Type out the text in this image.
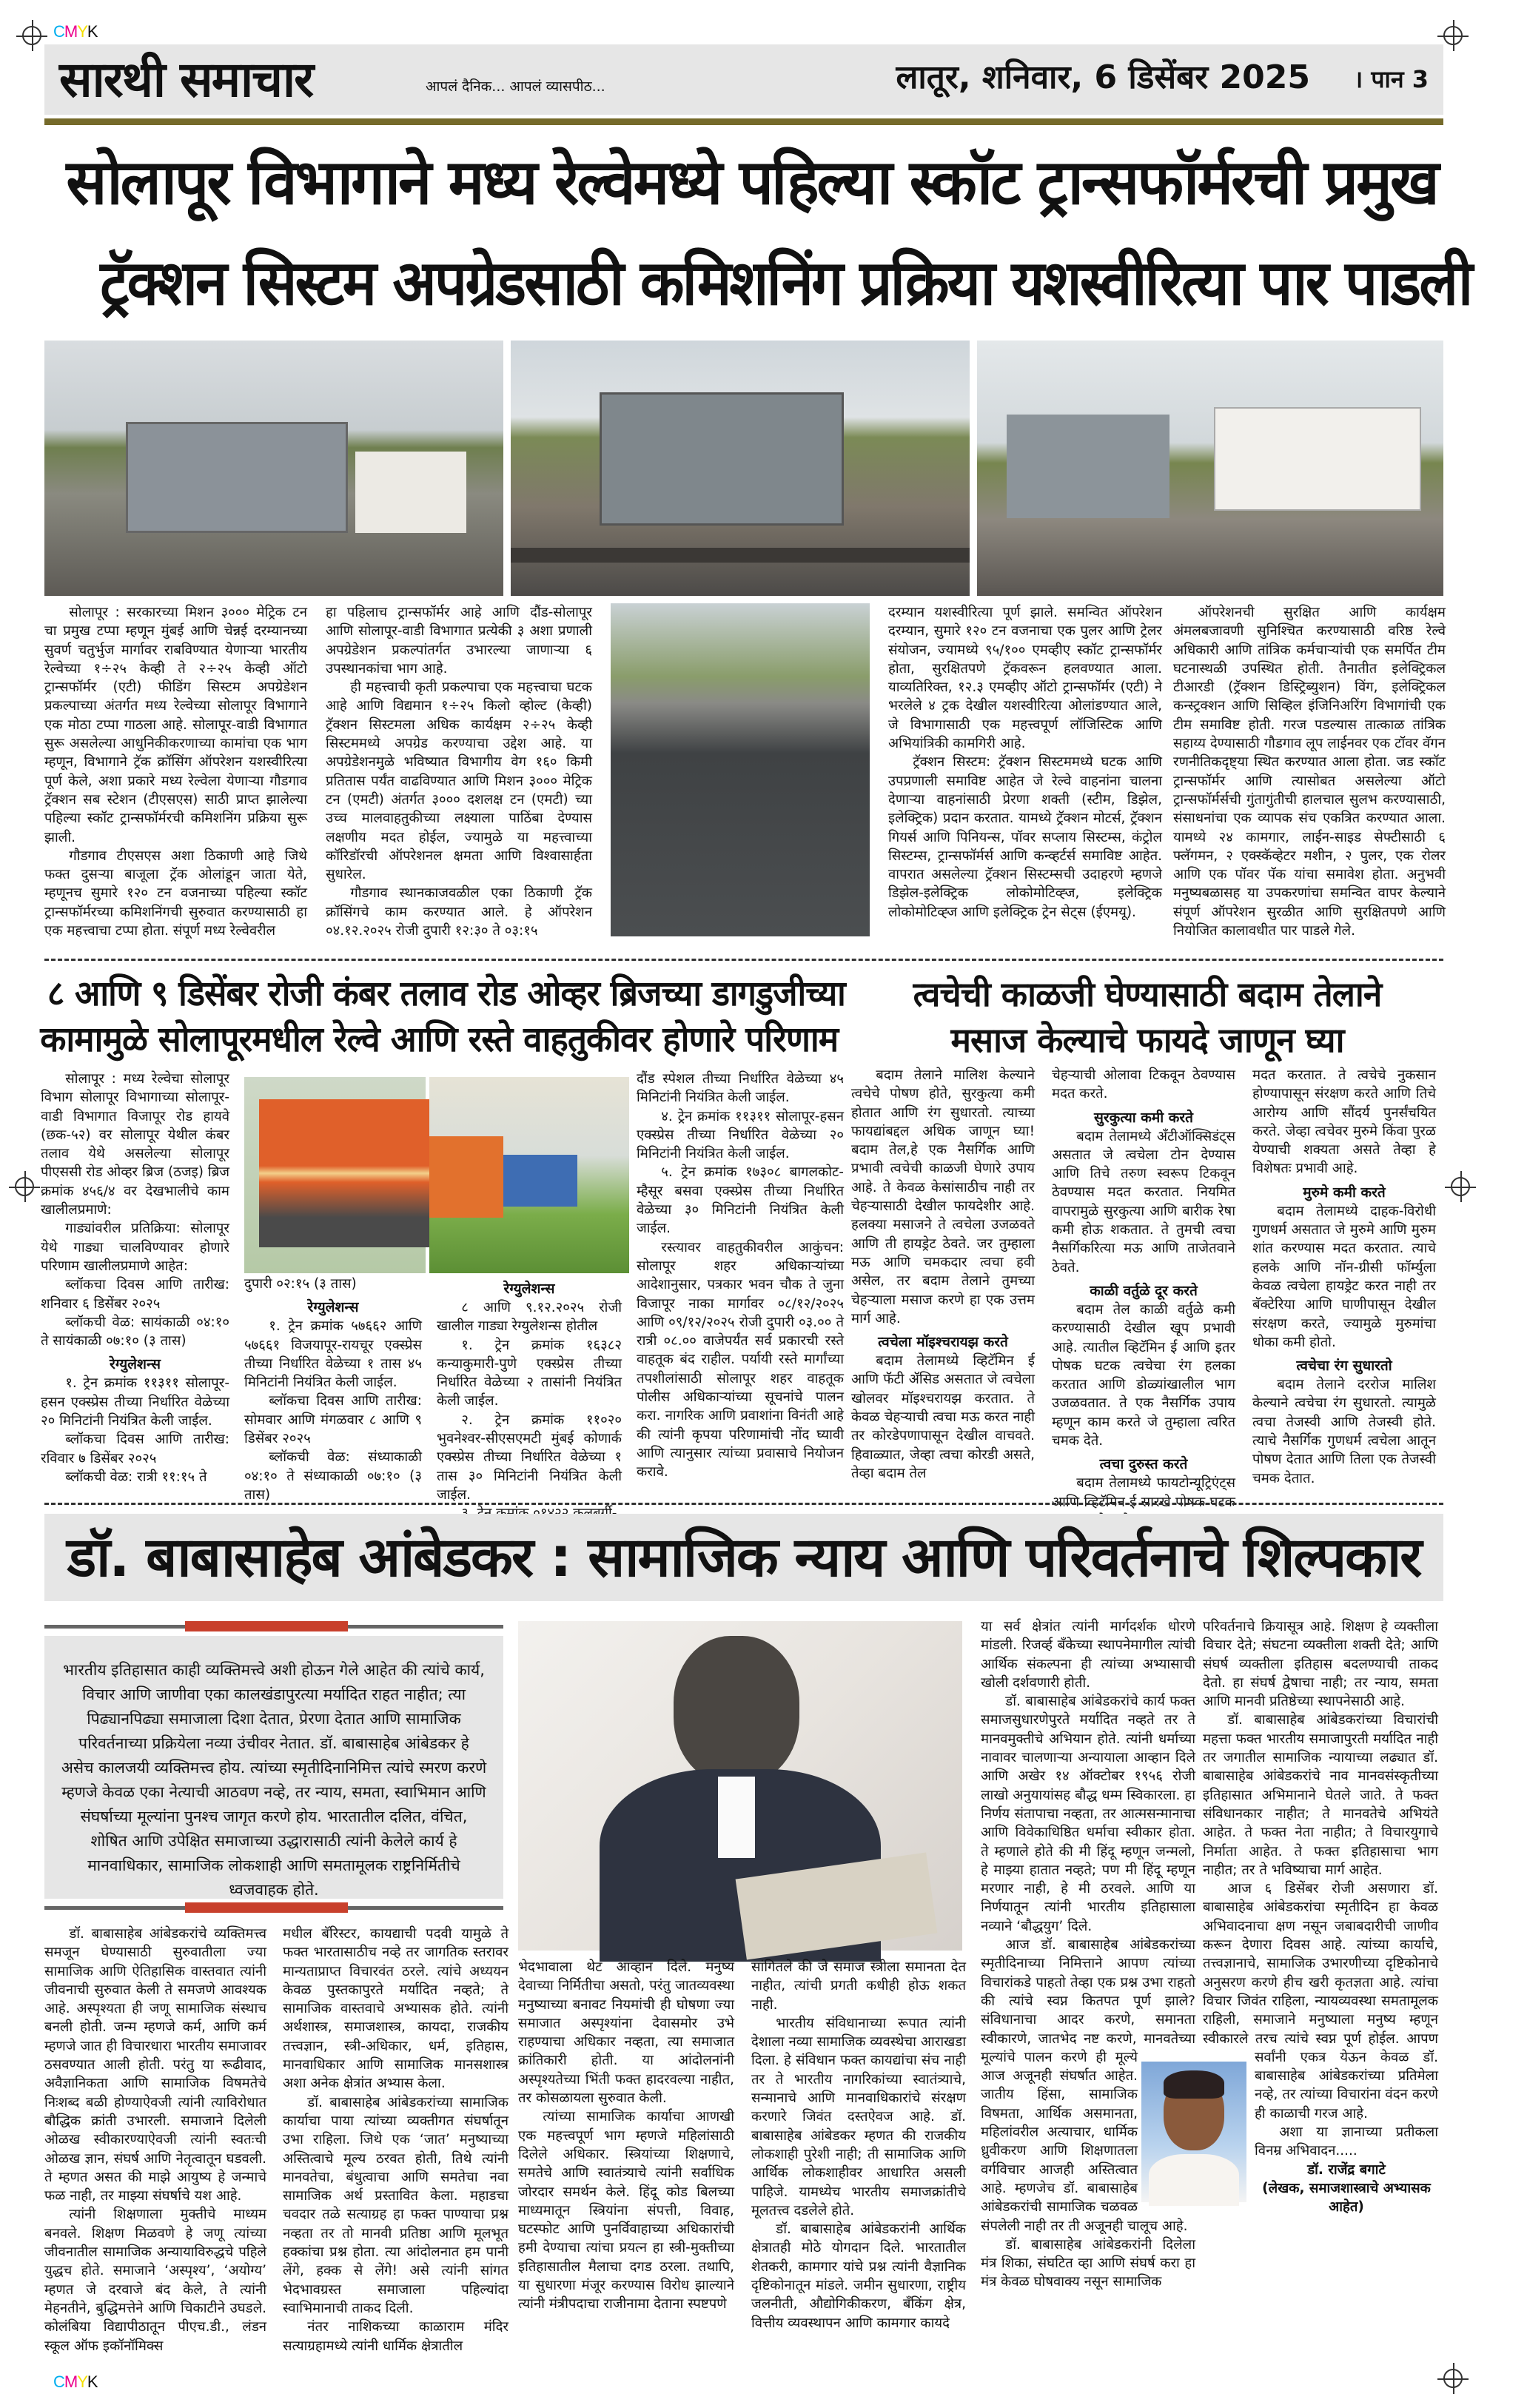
CMYK
CMYK
सारथी समाचार	आपलं दैनिक... आपलं व्यासपीठ...	लातूर, शनिवार, 6 डिसेंबर 2025 । पान 3
सोलापूर विभागाने मध्य रेल्वेमध्ये पहिल्या स्कॉट ट्रान्सफॉर्मरची प्रमुख
ट्रॅक्शन सिस्टम अपग्रेडसाठी कमिशनिंग प्रक्रिया यशस्वीरित्या पार पाडली

सोलापूर : सरकारच्या मिशन ३००० मेट्रिक टन चा प्रमुख टप्पा म्हणून मुंबई आणि चेन्नई दरम्यानच्या सुवर्ण चतुर्भुज मार्गावर राबविण्यात येणाऱ्या भारतीय रेल्वेच्या १÷२५ केव्ही ते २÷२५ केव्ही ऑटो ट्रान्सफॉर्मर (एटी) फीडिंग सिस्टम अपग्रेडेशन प्रकल्पाच्या अंतर्गत मध्य रेल्वेच्या सोलापूर विभागाने एक मोठा टप्पा गाठला आहे. सोलापूर-वाडी विभागात सुरू असलेल्या आधुनिकीकरणाच्या कामांचा एक भाग म्हणून, विभागाने ट्रॅक क्रॉसिंग ऑपरेशन यशस्वीरित्या पूर्ण केले, अशा प्रकारे मध्य रेल्वेला येणाऱ्या गौडगाव ट्रॅक्शन सब स्टेशन (टीएसएस) साठी प्राप्त झालेल्या पहिल्या स्कॉट ट्रान्सफॉर्मरची कमिशनिंग प्रक्रिया सुरू झाली.

गौडगाव टीएसएस अशा ठिकाणी आहे जिथे फक्त दुसऱ्या बाजूला ट्रॅक ओलांडून जाता येते, म्हणूनच सुमारे १२० टन वजनाच्या पहिल्या स्कॉट ट्रान्सफॉर्मरच्या कमिशनिंगची सुरुवात करण्यासाठी हा एक महत्त्वाचा टप्पा होता. संपूर्ण मध्य रेल्वेवरील

हा पहिलाच ट्रान्सफॉर्मर आहे आणि दौंड-सोलापूर आणि सोलापूर-वाडी विभागात प्रत्येकी ३ अशा प्रणाली अपग्रेडेशन प्रकल्पांतर्गत उभारल्या जाणाऱ्या ६ उपस्थानकांचा भाग आहे.

ही महत्त्वाची कृती प्रकल्पाचा एक महत्त्वाचा घटक आहे आणि विद्यमान १÷२५ किलो व्होल्ट (केव्ही) ट्रॅक्शन सिस्टमला अधिक कार्यक्षम २÷२५ केव्ही सिस्टममध्ये अपग्रेड करण्याचा उद्देश आहे. या अपग्रेडेशनमुळे भविष्यात विभागीय वेग १६० किमी प्रतितास पर्यंत वाढविण्यात आणि मिशन ३००० मेट्रिक टन (एमटी) अंतर्गत ३००० दशलक्ष टन (एमटी) च्या उच्च मालवाहतुकीच्या लक्ष्याला पाठिंबा देण्यास लक्षणीय मदत होईल, ज्यामुळे या महत्त्वाच्या कॉरिडॉरची ऑपरेशनल क्षमता आणि विश्वासार्हता सुधारेल.

गौडगाव स्थानकाजवळील एका ठिकाणी ट्रॅक क्रॉसिंगचे काम करण्यात आले. हे ऑपरेशन ०४.१२.२०२५ रोजी दुपारी १२:३० ते ०३:१५

दरम्यान यशस्वीरित्या पूर्ण झाले. समन्वित ऑपरेशन दरम्यान, सुमारे १२० टन वजनाचा एक पुलर आणि ट्रेलर संयोजन, ज्यामध्ये ९५/१०० एमव्हीए स्कॉट ट्रान्सफॉर्मर होता, सुरक्षितपणे ट्रॅकवरून हलवण्यात आला. याव्यतिरिक्त, १२.३ एमव्हीए ऑटो ट्रान्सफॉर्मर (एटी) ने भरलेले ४ ट्रक देखील यशस्वीरित्या ओलांडण्यात आले, जे विभागासाठी एक महत्त्वपूर्ण लॉजिस्टिक आणि अभियांत्रिकी कामगिरी आहे.

ट्रॅक्शन सिस्टम: ट्रॅक्शन सिस्टममध्ये घटक आणि उपप्रणाली समाविष्ट आहेत जे रेल्वे वाहनांना चालना देणाऱ्या वाहनांसाठी प्रेरणा शक्ती (स्टीम, डिझेल, इलेक्ट्रिक) प्रदान करतात. यामध्ये ट्रॅक्शन मोटर्स, ट्रॅक्शन गियर्स आणि पिनियन्स, पॉवर सप्लाय सिस्टम्स, कंट्रोल सिस्टम्स, ट्रान्सफॉर्मर्स आणि कन्व्हर्टर्स समाविष्ट आहेत. वापरात असलेल्या ट्रॅक्शन सिस्टम्सची उदाहरणे म्हणजे डिझेल-इलेक्ट्रिक लोकोमोटिव्ह्ज, इलेक्ट्रिक लोकोमोटिव्ह्ज आणि इलेक्ट्रिक ट्रेन सेट्स (ईएमयू).

ऑपरेशनची सुरक्षित आणि कार्यक्षम अंमलबजावणी सुनिश्चित करण्यासाठी वरिष्ठ रेल्वे अधिकारी आणि तांत्रिक कर्मचाऱ्यांची एक समर्पित टीम घटनास्थळी उपस्थित होती. तैनातीत इलेक्ट्रिकल टीआरडी (ट्रॅक्शन डिस्ट्रिब्युशन) विंग, इलेक्ट्रिकल कन्स्ट्रक्शन आणि सिव्हिल इंजिनिअरिंग विभागांची एक टीम समाविष्ट होती. गरज पडल्यास तात्काळ तांत्रिक सहाय्य देण्यासाठी गौडगाव लूप लाईनवर एक टॉवर वॅगन रणनीतिकदृष्ट्या स्थित करण्यात आला होता. जड स्कॉट ट्रान्सफॉर्मर आणि त्यासोबत असलेल्या ऑटो ट्रान्सफॉर्मर्सची गुंतागुंतीची हालचाल सुलभ करण्यासाठी, संसाधनांचा एक व्यापक संच एकत्रित करण्यात आला. यामध्ये २४ कामगार, लाईन-साइड सेफ्टीसाठी ६ फ्लॅगमन, २ एक्स्कॅव्हेटर मशीन, २ पुलर, एक रोलर आणि एक पॉवर पॅक यांचा समावेश होता. अनुभवी मनुष्यबळासह या उपकरणांचा समन्वित वापर केल्याने संपूर्ण ऑपरेशन सुरळीत आणि सुरक्षितपणे आणि नियोजित कालावधीत पार पाडले गेले.

८ आणि ९ डिसेंबर रोजी कंबर तलाव रोड ओव्हर ब्रिजच्या डागडुजीच्या
कामामुळे सोलापूरमधील रेल्वे आणि रस्ते वाहतुकीवर होणारे परिणाम

सोलापूर : मध्य रेल्वेचा सोलापूर विभाग सोलापूर विभागाच्या सोलापूर-वाडी विभागात विजापूर रोड हायवे (छक-५२) वर सोलापूर येथील कंबर तलाव येथे असलेल्या सोलापूर पीएससी रोड ओव्हर ब्रिज (ठजइ) ब्रिज क्रमांक ४५६/४ वर देखभालीचे काम खालीलप्रमाणे:

गाड्यांवरील प्रतिक्रिया: सोलापूर येथे गाड्या चालविण्यावर होणारे परिणाम खालीलप्रमाणे आहेत:

ब्लॉकचा दिवस आणि तारीख: शनिवार ६ डिसेंबर २०२५

ब्लॉकची वेळ: सायंकाळी ०४:१० ते सायंकाळी ०७:१० (३ तास)

रेग्युलेशन्स

१. ट्रेन क्रमांक ११३११ सोलापूर-हसन एक्स्प्रेस तीच्या निर्धारित वेळेच्या २० मिनिटांनी नियंत्रित केली जाईल.

ब्लॉकचा दिवस आणि तारीख: रविवार ७ डिसेंबर २०२५

ब्लॉकची वेळ: रात्री ११:१५ ते

दुपारी ०२:१५ (३ तास)

रेग्युलेशन्स

१. ट्रेन क्रमांक ५७६६२ आणि ५७६६१ विजयापूर-रायचूर एक्स्प्रेस तीच्या निर्धारित वेळेच्या १ तास ४५ मिनिटांनी नियंत्रित केली जाईल.

ब्लॉकचा दिवस आणि तारीख: सोमवार आणि मंगळवार ८ आणि ९ डिसेंबर २०२५

ब्लॉकची वेळ: संध्याकाळी ०४:१० ते संध्याकाळी ०७:१० (३ तास)

रेग्युलेशन्स

८ आणि ९.१२.२०२५ रोजी खालील गाड्या रेग्युलेशन्स होतील

१. ट्रेन क्रमांक १६३८२ कन्याकुमारी-पुणे एक्स्प्रेस तीच्या निर्धारित वेळेच्या २ तासांनी नियंत्रित केली जाईल.

२. ट्रेन क्रमांक ११०२० भुवनेश्वर-सीएसएमटी मुंबई कोणार्क एक्स्प्रेस तीच्या निर्धारित वेळेच्या १ तास ३० मिनिटांनी नियंत्रित केली जाईल.

दौंड स्पेशल तीच्या निर्धारित वेळेच्या ४५ मिनिटांनी नियंत्रित केली जाईल.

४. ट्रेन क्रमांक ११३११ सोलापूर-हसन एक्स्प्रेस तीच्या निर्धारित वेळेच्या २० मिनिटांनी नियंत्रित केली जाईल.

५. ट्रेन क्रमांक १७३०८ बागलकोट-म्हैसूर बसवा एक्स्प्रेस तीच्या निर्धारित वेळेच्या ३० मिनिटांनी नियंत्रित केली जाईल.

रस्त्यावर वाहतुकीवरील आकुंचन: सोलापूर शहर अधिकाऱ्यांच्या आदेशानुसार, पत्रकार भवन चौक ते जुना विजापूर नाका मार्गावर ०८/१२/२०२५ आणि ०९/१२/२०२५ रोजी दुपारी ०३.०० ते रात्री ०८.०० वाजेपर्यंत सर्व प्रकारची रस्ते वाहतूक बंद राहील. पर्यायी रस्ते मार्गांच्या तपशीलांसाठी सोलापूर शहर वाहतूक पोलीस अधिकाऱ्यांच्या सूचनांचे पालन करा. नागरिक आणि प्रवाशांना विनंती आहे की त्यांनी कृपया परिणामांची नोंद घ्यावी आणि त्यानुसार त्यांच्या प्रवासाचे नियोजन करावे.

त्वचेची काळजी घेण्यासाठी बदाम तेलाने
मसाज केल्याचे फायदे जाणून घ्या

बदाम तेलाने मालिश केल्याने त्वचेचे पोषण होते, सुरकुत्या कमी होतात आणि रंग सुधारतो. त्याच्या फायद्यांबद्दल अधिक जाणून घ्या! बदाम तेल,हे एक नैसर्गिक आणि प्रभावी त्वचेची काळजी घेणारे उपाय आहे. ते केवळ केसांसाठीच नाही तर चेहऱ्यासाठी देखील फायदेशीर आहे. हलक्या मसाजने ते त्वचेला उजळवते आणि ती हायड्रेट ठेवते. जर तुम्हाला मऊ आणि चमकदार त्वचा हवी असेल, तर बदाम तेलाने तुमच्या चेहऱ्याला मसाज करणे हा एक उत्तम मार्ग आहे.

त्वचेला मॉइश्चरायझ करते

बदाम तेलामध्ये व्हिटॅमिन ई आणि फॅटी ॲसिड असतात जे त्वचेला खोलवर मॉइश्चरायझ करतात. ते केवळ चेहऱ्याची त्वचा मऊ करत नाही तर कोरडेपणापासून देखील वाचवते. हिवाळ्यात, जेव्हा त्वचा कोरडी असते, तेव्हा बदाम तेल

चेहऱ्याची ओलावा टिकवून ठेवण्यास मदत करते.

सुरकुत्या कमी करते

बदाम तेलामध्ये अँटीऑक्सिडंट्स असतात जे त्वचेला टोन देण्यास आणि तिचे तरुण स्वरूप टिकवून ठेवण्यास मदत करतात. नियमित वापरामुळे सुरकुत्या आणि बारीक रेषा कमी होऊ शकतात. ते तुमची त्वचा नैसर्गिकरित्या मऊ आणि ताजेतवाने ठेवते.

काळी वर्तुळे दूर करते

बदाम तेल काळी वर्तुळे कमी करण्यासाठी देखील खूप प्रभावी आहे. त्यातील व्हिटॅमिन ई आणि इतर पोषक घटक त्वचेचा रंग हलका करतात आणि डोळ्यांखालील भाग उजळवतात. ते एक नैसर्गिक उपाय म्हणून काम करते जे तुम्हाला त्वरित चमक देते.

त्वचा दुरुस्त करते

बदाम तेलामध्ये फायटोन्यूट्रिएंट्स आणि व्हिटॅमिन ई सारखे पोषक घटक

मदत करतात. ते त्वचेचे नुकसान होण्यापासून संरक्षण करते आणि तिचे आरोग्य आणि सौंदर्य पुनर्संचयित करते. जेव्हा त्वचेवर मुरुमे किंवा पुरळ येण्याची शक्यता असते तेव्हा हे विशेषतः प्रभावी आहे.

मुरुमे कमी करते

बदाम तेलामध्ये दाहक-विरोधी गुणधर्म असतात जे मुरुमे आणि मुरुम शांत करण्यास मदत करतात. त्याचे हलके आणि नॉन-ग्रीसी फॉर्म्युला केवळ त्वचेला हायड्रेट करत नाही तर बॅक्टेरिया आणि घाणीपासून देखील संरक्षण करते, ज्यामुळे मुरुमांचा धोका कमी होतो.

त्वचेचा रंग सुधारतो

बदाम तेलाने दररोज मालिश केल्याने त्वचेचा रंग सुधारतो. त्यामुळे त्वचा तेजस्वी आणि तेजस्वी होते. त्याचे नैसर्गिक गुणधर्म त्वचेला आतून पोषण देतात आणि तिला एक तेजस्वी चमक देतात.

डॉ. बाबासाहेब आंबेडकर : सामाजिक न्याय आणि परिवर्तनाचे शिल्पकार
भारतीय इतिहासात काही व्यक्तिमत्त्वे अशी होऊन गेले आहेत की त्यांचे कार्य, विचार आणि जाणीवा एका कालखंडापुरत्या मर्यादित राहत नाहीत; त्या पिढ्यानपिढ्या समाजाला दिशा देतात, प्रेरणा देतात आणि सामाजिक परिवर्तनाच्या प्रक्रियेला नव्या उंचीवर नेतात. डॉ. बाबासाहेब आंबेडकर हे असेच कालजयी व्यक्तिमत्त्व होय. त्यांच्या स्मृतीदिनानिमित्त त्यांचे स्मरण करणे म्हणजे केवळ एका नेत्याची आठवण नव्हे, तर न्याय, समता, स्वाभिमान आणि संघर्षाच्या मूल्यांना पुनश्च जागृत करणे होय. भारतातील दलित, वंचित, शोषित आणि उपेक्षित समाजाच्या उद्धारासाठी त्यांनी केलेले कार्य हे मानवाधिकार, सामाजिक लोकशाही आणि समतामूलक राष्ट्रनिर्मितीचे ध्वजवाहक होते.

डॉ. बाबासाहेब आंबेडकरांचे व्यक्तिमत्त्व समजून घेण्यासाठी सुरुवातीला ज्या सामाजिक आणि ऐतिहासिक वास्तवात त्यांनी जीवनाची सुरुवात केली ते समजणे आवश्यक आहे. अस्पृश्यता ही जणू सामाजिक संस्थाच बनली होती. जन्म म्हणजे कर्म, आणि कर्म म्हणजे जात ही विचारधारा भारतीय समाजावर ठसवण्यात आली होती. परंतु या रूढीवाद, अवैज्ञानिकता आणि सामाजिक विषमतेचे निःशब्द बळी होण्याऐवजी त्यांनी त्याविरोधात बौद्धिक क्रांती उभारली. समाजाने दिलेली ओळख स्वीकारण्याऐवजी त्यांनी स्वतःची ओळख ज्ञान, संघर्ष आणि नेतृत्वातून घडवली. ते म्हणत असत की माझे आयुष्य हे जन्माचे फळ नाही, तर माझ्या संघर्षाचे यश आहे.

त्यांनी शिक्षणाला मुक्तीचे माध्यम बनवले. शिक्षण मिळवणे हे जणू त्यांच्या जीवनातील सामाजिक अन्यायाविरुद्धचे पहिले युद्धच होते. समाजाने ‘अस्पृश्य’, ‘अयोग्य’ म्हणत जे दरवाजे बंद केले, ते त्यांनी मेहनतीने, बुद्धिमत्तेने आणि चिकाटीने उघडले. कोलंबिया विद्यापीठातून पीएच.डी., लंडन स्कूल ऑफ इकॉनॉमिक्स

मधील बॅरिस्टर, कायद्याची पदवी यामुळे ते फक्त भारतासाठीच नव्हे तर जागतिक स्तरावर मान्यताप्राप्त विचारवंत ठरले. त्यांचे अध्ययन केवळ पुस्तकापुरते मर्यादित नव्हते; ते सामाजिक वास्तवाचे अभ्यासक होते. त्यांनी अर्थशास्त्र, समाजशास्त्र, कायदा, राजकीय तत्त्वज्ञान, स्त्री-अधिकार, धर्म, इतिहास, मानवाधिकार आणि सामाजिक मानसशास्त्र अशा अनेक क्षेत्रांत अभ्यास केला.

डॉ. बाबासाहेब आंबेडकरांच्या सामाजिक कार्याचा पाया त्यांच्या व्यक्तीगत संघर्षातून उभा राहिला. जिथे एक ‘जात’ मनुष्याच्या अस्तित्वाचे मूल्य ठरवत होती, तिथे त्यांनी मानवतेचा, बंधुत्वाचा आणि समतेचा नवा सामाजिक अर्थ प्रस्तावित केला. महाडचा चवदार तळे सत्याग्रह हा फक्त पाण्याचा प्रश्न नव्हता तर तो मानवी प्रतिष्ठा आणि मूलभूत हक्कांचा प्रश्न होता. त्या आंदोलनात हम पानी लेंगे, हक्क से लेंगे! असे त्यांनी सांगत भेदभावग्रस्त समाजाला पहिल्यांदा स्वाभिमानाची ताकद दिली.

नंतर नाशिकच्या काळाराम मंदिर सत्याग्रहामध्ये त्यांनी धार्मिक क्षेत्रातील

भेदभावाला थेट आव्हान दिले. मनुष्य देवाच्या निर्मितीचा असतो, परंतु जातव्यवस्था मनुष्याच्या बनावट नियमांची ही घोषणा ज्या समाजात अस्पृश्यांना देवासमोर उभे राहण्याचा अधिकार नव्हता, त्या समाजात क्रांतिकारी होती. या आंदोलनांनी अस्पृश्यतेच्या भिंती फक्त हादरवल्या नाहीत, तर कोसळायला सुरुवात केली.

त्यांच्या सामाजिक कार्याचा आणखी एक महत्त्वपूर्ण भाग म्हणजे महिलांसाठी दिलेले अधिकार. स्त्रियांच्या शिक्षणाचे, समतेचे आणि स्वातंत्र्याचे त्यांनी सर्वाधिक जोरदार समर्थन केले. हिंदू कोड बिलच्या माध्यमातून स्त्रियांना संपत्ती, विवाह, घटस्फोट आणि पुनर्विवाहाच्या अधिकारांची हमी देण्याचा त्यांचा प्रयत्न हा स्त्री-मुक्तीच्या इतिहासातील मैलाचा दगड ठरला. तथापि, या सुधारणा मंजूर करण्यास विरोध झाल्याने त्यांनी मंत्रीपदाचा राजीनामा देताना स्पष्टपणे

सांगितले की जे समाज स्त्रीला समानता देत नाहीत, त्यांची प्रगती कधीही होऊ शकत नाही.

भारतीय संविधानाच्या रूपात त्यांनी देशाला नव्या सामाजिक व्यवस्थेचा आराखडा दिला. हे संविधान फक्त कायद्यांचा संच नाही तर ते भारतीय नागरिकांच्या स्वातंत्र्याचे, सन्मानाचे आणि मानवाधिकारांचे संरक्षण करणारे जिवंत दस्तऐवज आहे. डॉ. बाबासाहेब आंबेडकर म्हणत की राजकीय लोकशाही पुरेशी नाही; ती सामाजिक आणि आर्थिक लोकशाहीवर आधारित असली पाहिजे. यामध्येच भारतीय समाजक्रांतीचे मूलतत्त्व दडलेले होते.

डॉ. बाबासाहेब आंबेडकरांनी आर्थिक क्षेत्रातही मोठे योगदान दिले. भारतातील शेतकरी, कामगार यांचे प्रश्न त्यांनी वैज्ञानिक दृष्टिकोनातून मांडले. जमीन सुधारणा, राष्ट्रीय जलनीती, औद्योगिकीकरण, बँकिंग क्षेत्र, वित्तीय व्यवस्थापन आणि कामगार कायदे

या सर्व क्षेत्रांत त्यांनी मार्गदर्शक धोरणे मांडली. रिजर्व्ह बँकेच्या स्थापनेमागील त्यांची आर्थिक संकल्पना ही त्यांच्या अभ्यासाची खोली दर्शवणारी होती.

डॉ. बाबासाहेब आंबेडकरांचे कार्य फक्त समाजसुधारणेपुरते मर्यादित नव्हते तर ते मानवमुक्तीचे अभियान होते. त्यांनी धर्माच्या नावावर चालणाऱ्या अन्यायाला आव्हान दिले आणि अखेर १४ ऑक्टोबर १९५६ रोजी लाखो अनुयायांसह बौद्ध धम्म स्विकारला. हा निर्णय संतापाचा नव्हता, तर आत्मसन्मानाचा आणि विवेकाधिष्ठित धर्माचा स्वीकार होता. ते म्हणाले होते की मी हिंदू म्हणून जन्मलो, हे माझ्या हातात नव्हते; पण मी हिंदू म्हणून मरणार नाही, हे मी ठरवले. आणि या निर्णयातून त्यांनी भारतीय इतिहासाला नव्याने ‘बौद्धयुग’ दिले.

आज डॉ. बाबासाहेब आंबेडकरांच्या स्मृतीदिनाच्या निमित्ताने आपण त्यांच्या विचारांकडे पाहतो तेव्हा एक प्रश्न उभा राहतो की त्यांचे स्वप्न कितपत पूर्ण झाले? संविधानाचा आदर करणे, समानता स्वीकारणे, जातभेद नष्ट करणे, मानवतेच्या मूल्यांचे पालन करणे ही मूल्ये आज अजूनही संघर्षात आहेत. जातीय हिंसा, सामाजिक विषमता, आर्थिक असमानता, महिलांवरील अत्याचार, धार्मिक ध्रुवीकरण आणि शिक्षणातला वर्गविचार आजही अस्तित्वात आहे. म्हणजेच डॉ. बाबासाहेब आंबेडकरांची सामाजिक चळवळ संपलेली नाही तर ती अजूनही चालूच आहे.

डॉ. बाबासाहेब आंबेडकरांनी दिलेला मंत्र शिका, संघटित व्हा आणि संघर्ष करा हा मंत्र केवळ घोषवाक्य नसून सामाजिक

परिवर्तनाचे क्रियासूत्र आहे. शिक्षण हे व्यक्तीला विचार देते; संघटना व्यक्तीला शक्ती देते; आणि संघर्ष व्यक्तीला इतिहास बदलण्याची ताकद देतो. हा संघर्ष द्वेषाचा नाही; तर न्याय, समता आणि मानवी प्रतिष्ठेच्या स्थापनेसाठी आहे.

डॉ. बाबासाहेब आंबेडकरांच्या विचारांची महत्ता फक्त भारतीय समाजापुरती मर्यादित नाही तर जगातील सामाजिक न्यायाच्या लढ्यात डॉ. बाबासाहेब आंबेडकरांचे नाव मानवसंस्कृतीच्या इतिहासात अभिमानाने घेतले जाते. ते फक्त संविधानकार नाहीत; ते मानवतेचे अभियंते आहेत. ते फक्त नेता नाहीत; ते विचारयुगाचे निर्माता आहेत. ते फक्त इतिहासाचा भाग नाहीत; तर ते भविष्याचा मार्ग आहेत.

आज ६ डिसेंबर रोजी असणारा डॉ. बाबासाहेब आंबेडकरांचा स्मृतीदिन हा केवळ अभिवादनाचा क्षण नसून जबाबदारीची जाणीव करून देणारा दिवस आहे. त्यांच्या कार्याचे, तत्त्वज्ञानाचे, सामाजिक उभारणीच्या दृष्टिकोनाचे अनुसरण करणे हीच खरी कृतज्ञता आहे. त्यांचा विचार जिवंत राहिला, न्यायव्यवस्था समतामूलक राहिली, समाजाने मनुष्याला मनुष्य म्हणून स्वीकारले तरच त्यांचे स्वप्न पूर्ण होईल. आपण सर्वांनी एकत्र येऊन केवळ डॉ. बाबासाहेब आंबेडकरांच्या प्रतिमेला नव्हे, तर त्यांच्या विचारांना वंदन करणे ही काळाची गरज आहे.

अशा या ज्ञानाच्या प्रतीकला विनम्र अभिवादन.....

डॉ. राजेंद्र बगाटे

(लेखक, समाजशास्त्राचे अभ्यासक आहेत)
